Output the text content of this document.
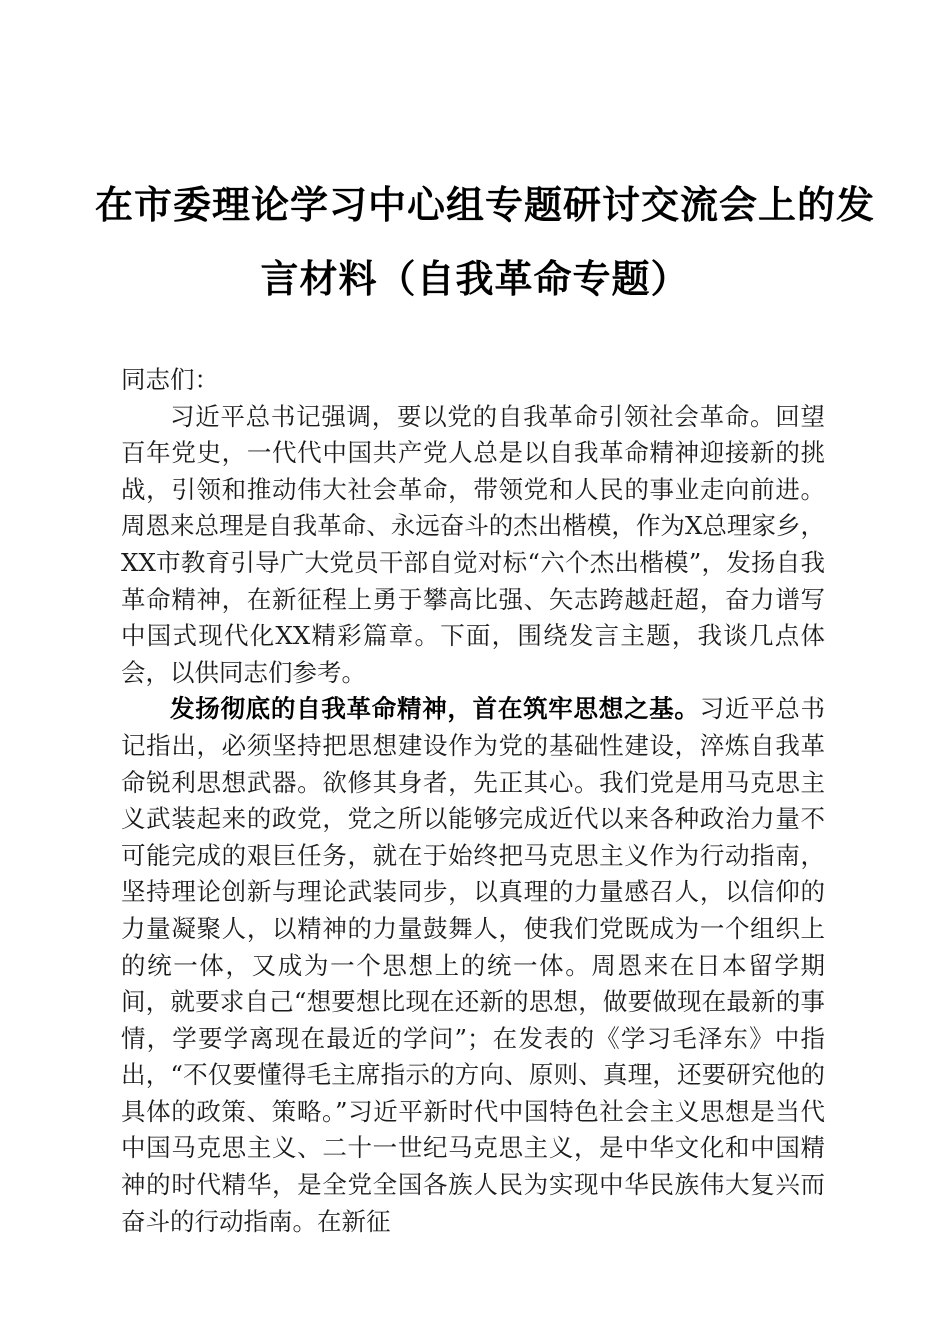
在市委理论学习中心组专题研讨交流会上的发
言材料（自我革命专题）

同志们：

习近平总书记强调，要以党的自我革命引领社会革命。回望百年党史，一代代中国共产党人总是以自我革命精神迎接新的挑战，引领和推动伟大社会革命，带领党和人民的事业走向前进。周恩来总理是自我革命、永远奋斗的杰出楷模，作为X总理家乡，XX市教育引导广大党员干部自觉对标“六个杰出楷模”，发扬自我革命精神，在新征程上勇于攀高比强、矢志跨越赶超，奋力谱写中国式现代化XX精彩篇章。下面，围绕发言主题，我谈几点体会，以供同志们参考。

发扬彻底的自我革命精神，首在筑牢思想之基。习近平总书记指出，必须坚持把思想建设作为党的基础性建设，淬炼自我革命锐利思想武器。欲修其身者，先正其心。我们党是用马克思主义武装起来的政党，党之所以能够完成近代以来各种政治力量不可能完成的艰巨任务，就在于始终把马克思主义作为行动指南，坚持理论创新与理论武装同步，以真理的力量感召人，以信仰的力量凝聚人，以精神的力量鼓舞人，使我们党既成为一个组织上的统一体，又成为一个思想上的统一体。周恩来在日本留学期间，就要求自己“想要想比现在还新的思想，做要做现在最新的事情，学要学离现在最近的学问”；在发表的《学习毛泽东》中指出，“不仅要懂得毛主席指示的方向、原则、真理，还要研究他的具体的政策、策略。”习近平新时代中国特色社会主义思想是当代中国马克思主义、二十一世纪马克思主义，是中华文化和中国精神的时代精华，是全党全国各族人民为实现中华民族伟大复兴而奋斗的行动指南。在新征
